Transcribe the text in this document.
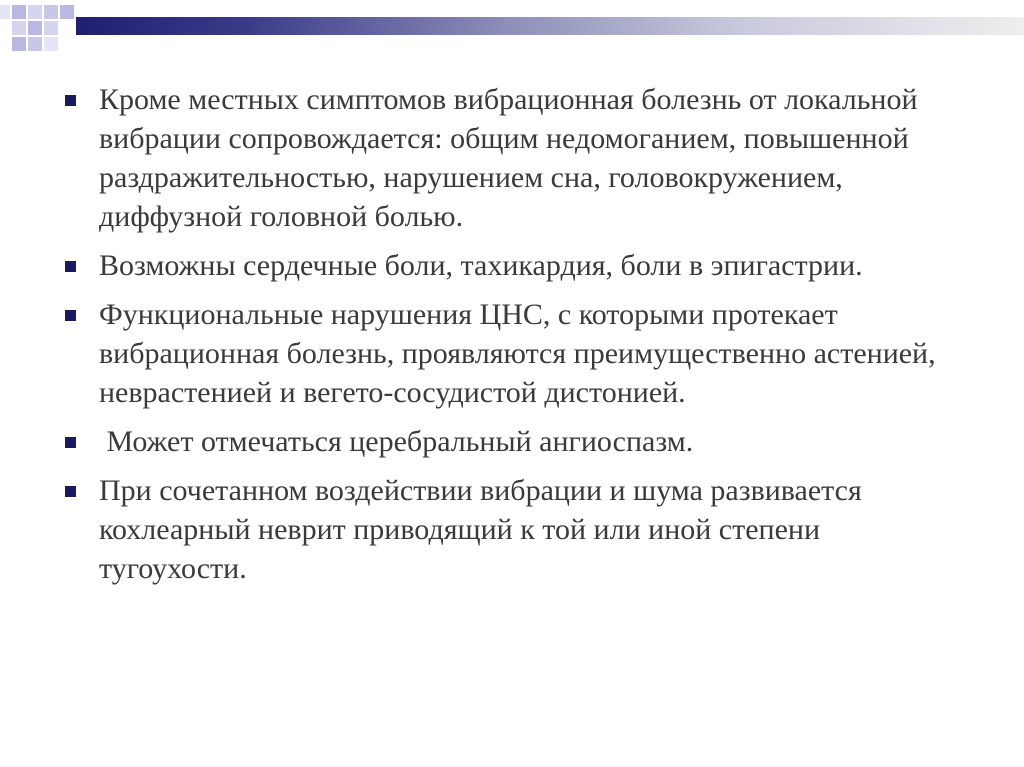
Кроме местных симптомов вибрационная болезнь от локальной вибрации сопровождается: общим недомоганием, повышенной раздражительностью, нарушением сна, головокружением, диффузной головной болью.
Возможны сердечные боли, тахикардия, боли в эпигастрии.
Функциональные нарушения ЦНС, с которыми протекает вибрационная болезнь, проявляются преимущественно астенией, неврастенией и вегето-сосудистой дистонией.
Может отмечаться церебральный ангиоспазм.
При сочетанном воздействии вибрации и шума развивается кохлеарный неврит приводящий к той или иной степени тугоухости.
